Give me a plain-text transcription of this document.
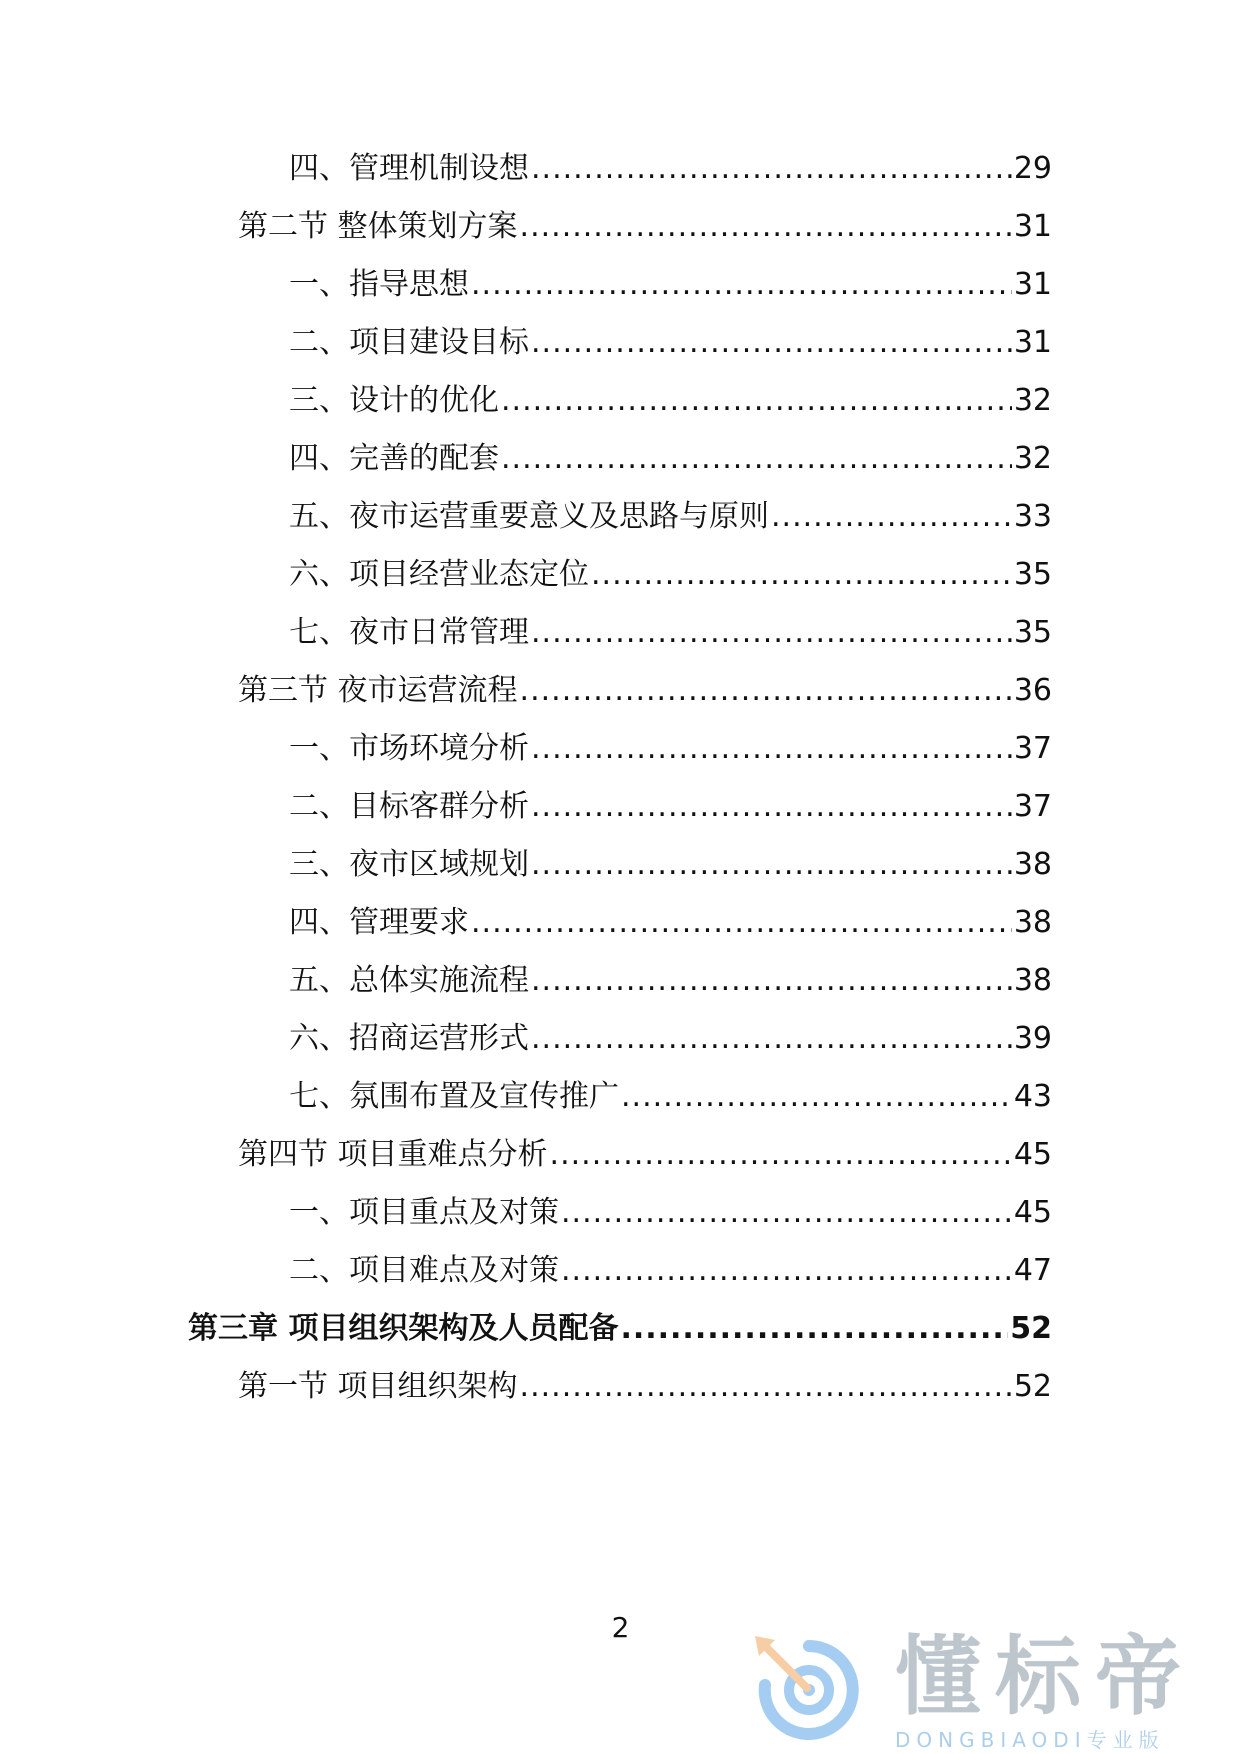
四、管理机制设想 .....	29
第二节 整体策划方案 .....	31
一、指导思想 .....	31
二、项目建设目标 .....	31
三、设计的优化 .....	32
四、完善的配套 .....	32
五、夜市运营重要意义及思路与原则 .....	33
六、项目经营业态定位 .....	35
七、夜市日常管理 .....	35
第三节 夜市运营流程 .....	36
一、市场环境分析 .....	37
二、目标客群分析 .....	37
三、夜市区域规划 .....	38
四、管理要求 .....	38
五、总体实施流程 .....	38
六、招商运营形式 .....	39
七、氛围布置及宣传推广 .....	43
第四节 项目重难点分析 .....	45
一、项目重点及对策 .....	45
二、项目难点及对策 .....	47
第三章 项目组织架构及人员配备 .....	52
第一节 项目组织架构 .....	52
2	懂标帝
DONGBIAODI专业版
